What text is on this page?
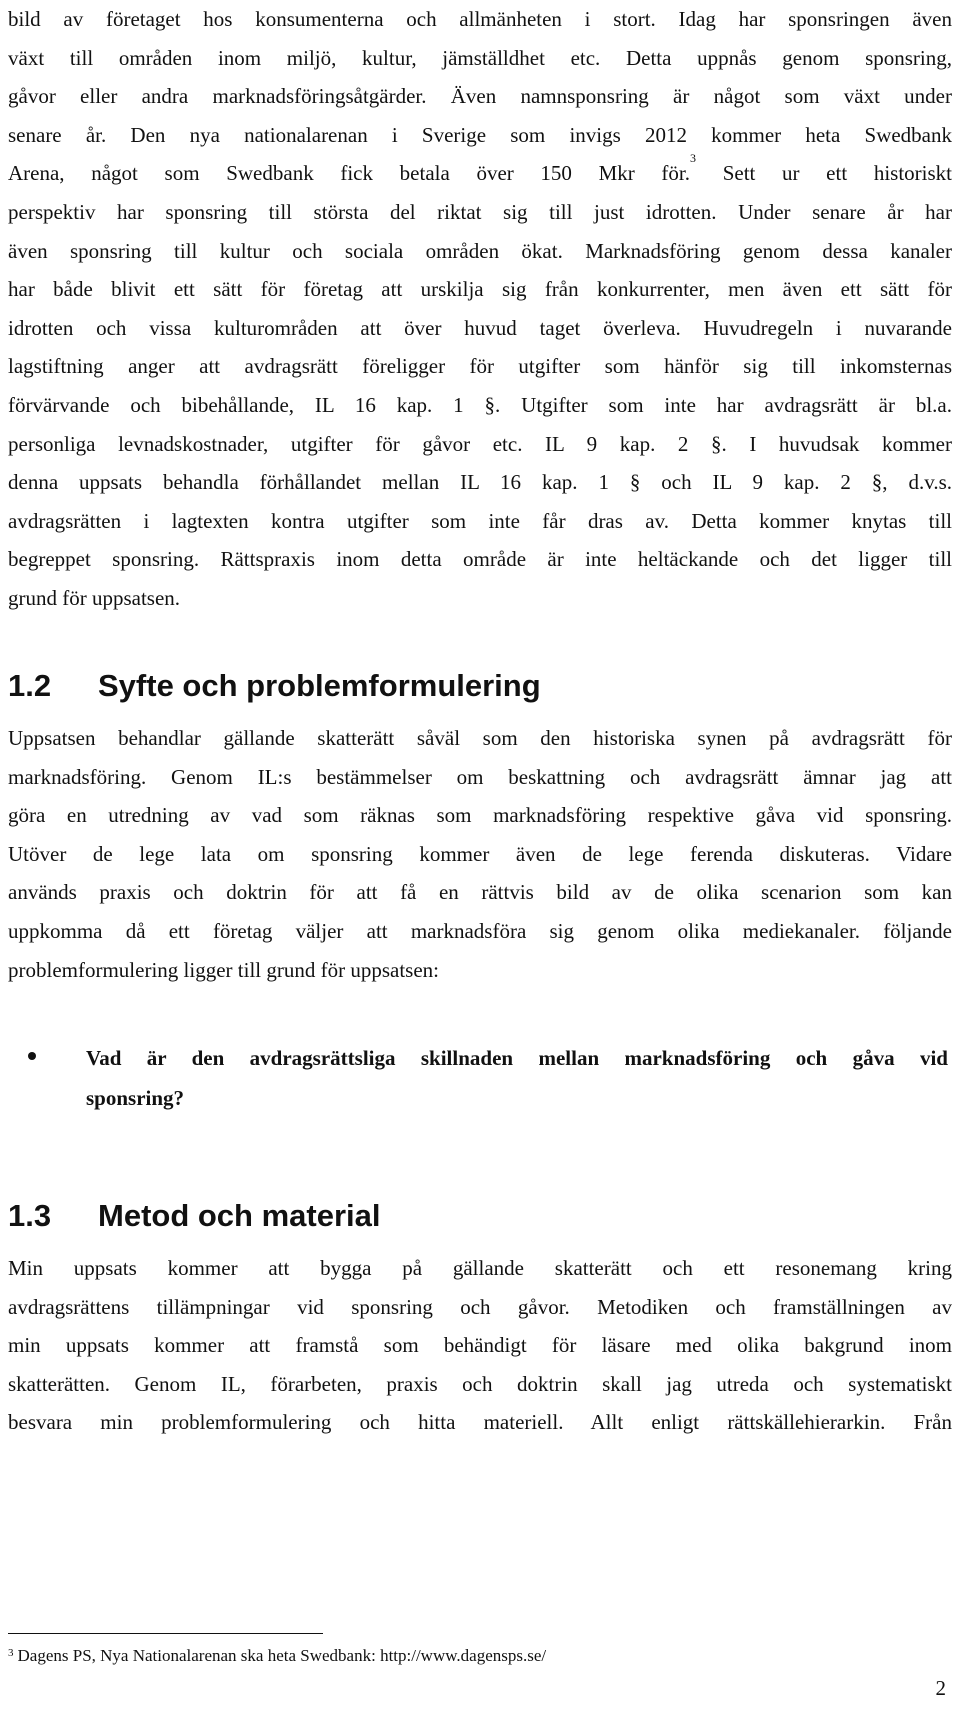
bild av företaget hos konsumenterna och allmänheten i stort. Idag har sponsringen även
växt till områden inom miljö, kultur, jämställdhet etc. Detta uppnås genom sponsring,
gåvor eller andra marknadsföringsåtgärder. Även namnsponsring är något som växt under
senare år. Den nya nationalarenan i Sverige som invigs 2012 kommer heta Swedbank
Arena, något som Swedbank fick betala över 150 Mkr för.$^3$ Sett ur ett historiskt
perspektiv har sponsring till största del riktat sig till just idrotten. Under senare år har
även sponsring till kultur och sociala områden ökat. Marknadsföring genom dessa kanaler
har både blivit ett sätt för företag att urskilja sig från konkurrenter, men även ett sätt för
idrotten och vissa kulturområden att över huvud taget överleva. Huvudregeln i nuvarande
lagstiftning anger att avdragsrätt föreligger för utgifter som hänför sig till inkomsternas
förvärvande och bibehållande, IL 16 kap. 1 §. Utgifter som inte har avdragsrätt är bl.a.
personliga levnadskostnader, utgifter för gåvor etc. IL 9 kap. 2 §. I huvudsak kommer
denna uppsats behandla förhållandet mellan IL 16 kap. 1 § och IL 9 kap. 2 §, d.v.s.
avdragsrätten i lagtexten kontra utgifter som inte får dras av. Detta kommer knytas till
begreppet sponsring. Rättspraxis inom detta område är inte heltäckande och det ligger till
grund för uppsatsen.
1.2 Syfte och problemformulering
Uppsatsen behandlar gällande skatterätt såväl som den historiska synen på avdragsrätt för
marknadsföring. Genom IL:s bestämmelser om beskattning och avdragsrätt ämnar jag att
göra en utredning av vad som räknas som marknadsföring respektive gåva vid sponsring.
Utöver de lege lata om sponsring kommer även de lege ferenda diskuteras. Vidare
används praxis och doktrin för att få en rättvis bild av de olika scenarion som kan
uppkomma då ett företag väljer att marknadsföra sig genom olika mediekanaler. följande
problemformulering ligger till grund för uppsatsen:
Vad är den avdragsrättsliga skillnaden mellan marknadsföring och gåva vid
sponsring?
1.3 Metod och material
Min uppsats kommer att bygga på gällande skatterätt och ett resonemang kring
avdragsrättens tillämpningar vid sponsring och gåvor. Metodiken och framställningen av
min uppsats kommer att framstå som behändigt för läsare med olika bakgrund inom
skatterätten. Genom IL, förarbeten, praxis och doktrin skall jag utreda och systematiskt
besvara min problemformulering och hitta materiell. Allt enligt rättskällehierarkin. Från
$^3$ Dagens PS, Nya Nationalarenan ska heta Swedbank: http://www.dagensps.se/
2
